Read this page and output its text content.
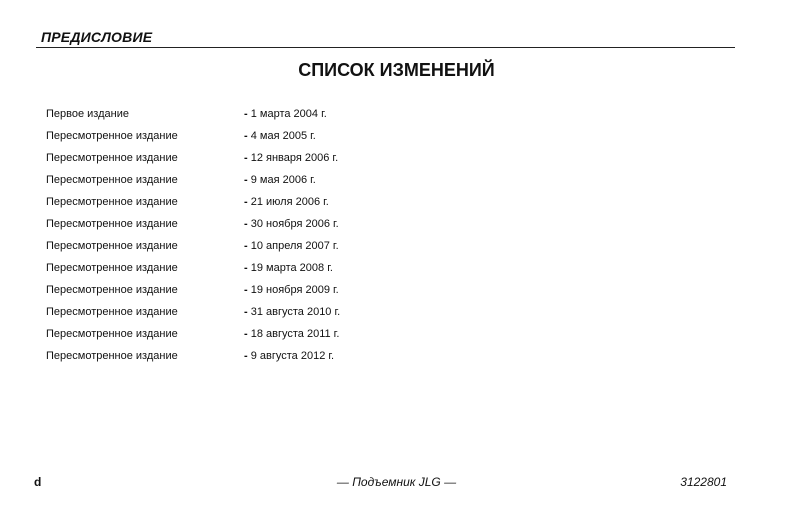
ПРЕДИСЛОВИЕ
СПИСОК ИЗМЕНЕНИЙ
Первое издание	- 1 марта 2004 г.
Пересмотренное издание	- 4 мая 2005 г.
Пересмотренное издание	- 12 января 2006 г.
Пересмотренное издание	- 9 мая 2006 г.
Пересмотренное издание	- 21 июля 2006 г.
Пересмотренное издание	- 30 ноября 2006 г.
Пересмотренное издание	- 10 апреля 2007 г.
Пересмотренное издание	- 19 марта 2008 г.
Пересмотренное издание	- 19 ноября 2009 г.
Пересмотренное издание	- 31 августа 2010 г.
Пересмотренное издание	- 18 августа 2011 г.
Пересмотренное издание	- 9 августа 2012 г.
d	— Подъемник JLG —	3122801
